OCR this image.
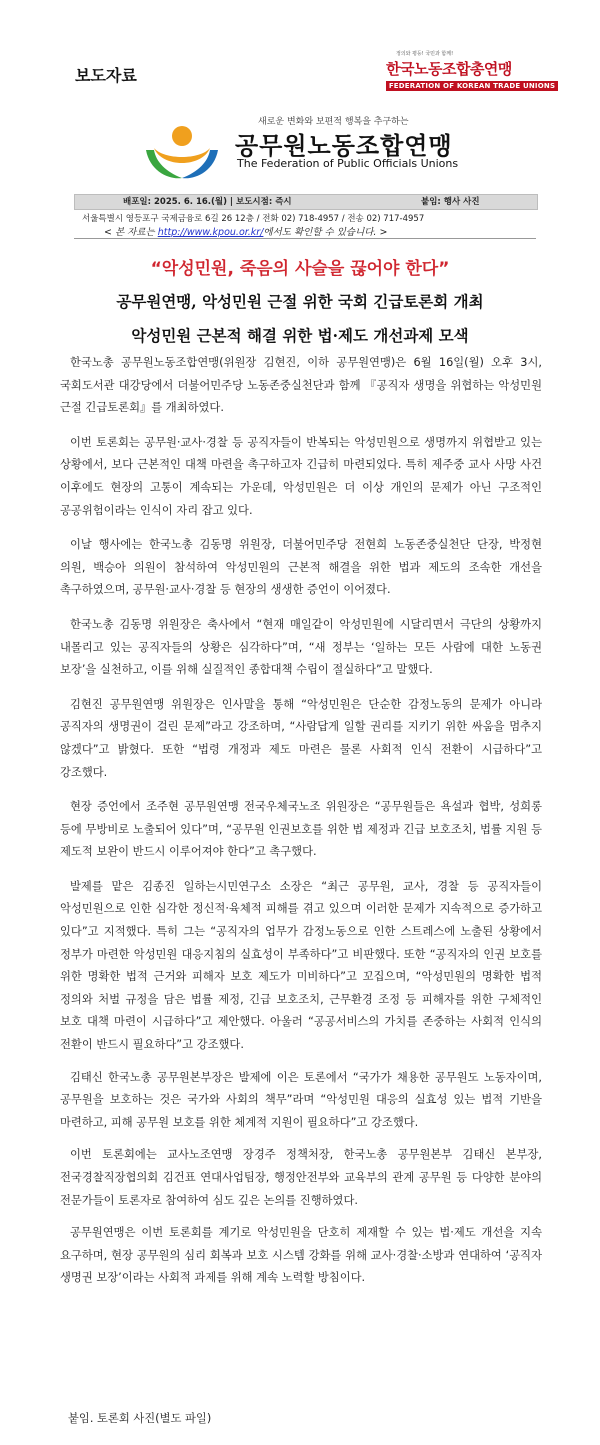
보도자료
정의와 평등! 국민과 함께!
한국노동조합총연맹
FEDERATION OF KOREAN TRADE UNIONS
새로운 변화와 보편적 행복을 추구하는
공무원노동조합연맹
The Federation of Public Officials Unions
배포일: 2025. 6. 16.(월) | 보도시점: 즉시	붙임: 행사 사진
서울특별시 영등포구 국제금융로 6길 26 12층 / 전화 02) 718-4957 / 전송 02) 717-4957
< 본 자료는 http://www.kpou.or.kr/에서도 확인할 수 있습니다. >
“악성민원, 죽음의 사슬을 끊어야 한다”
공무원연맹, 악성민원 근절 위한 국회 긴급토론회 개최
악성민원 근본적 해결 위한 법·제도 개선과제 모색

한국노총 공무원노동조합연맹(위원장 김현진, 이하 공무원연맹)은 6월 16일(월) 오후 3시, 국회도서관 대강당에서 더불어민주당 노동존중실천단과 함께 『공직자 생명을 위협하는 악성민원 근절 긴급토론회』를 개최하였다.

이번 토론회는 공무원·교사·경찰 등 공직자들이 반복되는 악성민원으로 생명까지 위협받고 있는 상황에서, 보다 근본적인 대책 마련을 촉구하고자 긴급히 마련되었다. 특히 제주중 교사 사망 사건 이후에도 현장의 고통이 계속되는 가운데, 악성민원은 더 이상 개인의 문제가 아닌 구조적인 공공위험이라는 인식이 자리 잡고 있다.

이날 행사에는 한국노총 김동명 위원장, 더불어민주당 전현희 노동존중실천단 단장, 박정현 의원, 백승아 의원이 참석하여 악성민원의 근본적 해결을 위한 법과 제도의 조속한 개선을 촉구하였으며, 공무원·교사·경찰 등 현장의 생생한 증언이 이어졌다.

한국노총 김동명 위원장은 축사에서 “현재 매일같이 악성민원에 시달리면서 극단의 상황까지 내몰리고 있는 공직자들의 상황은 심각하다”며, “새 정부는 ‘일하는 모든 사람에 대한 노동권 보장’을 실천하고, 이를 위해 실질적인 종합대책 수립이 절실하다”고 말했다.

김현진 공무원연맹 위원장은 인사말을 통해 “악성민원은 단순한 감정노동의 문제가 아니라 공직자의 생명권이 걸린 문제”라고 강조하며, “사람답게 일할 권리를 지키기 위한 싸움을 멈추지 않겠다”고 밝혔다. 또한 “법령 개정과 제도 마련은 물론 사회적 인식 전환이 시급하다”고 강조했다.

현장 증언에서 조주현 공무원연맹 전국우체국노조 위원장은 “공무원들은 욕설과 협박, 성희롱 등에 무방비로 노출되어 있다”며, “공무원 인권보호를 위한 법 제정과 긴급 보호조치, 법률 지원 등 제도적 보완이 반드시 이루어져야 한다”고 촉구했다.

발제를 맡은 김종진 일하는시민연구소 소장은 “최근 공무원, 교사, 경찰 등 공직자들이 악성민원으로 인한 심각한 정신적·육체적 피해를 겪고 있으며 이러한 문제가 지속적으로 증가하고 있다”고 지적했다. 특히 그는 “공직자의 업무가 감정노동으로 인한 스트레스에 노출된 상황에서 정부가 마련한 악성민원 대응지침의 실효성이 부족하다”고 비판했다. 또한 “공직자의 인권 보호를 위한 명확한 법적 근거와 피해자 보호 제도가 미비하다”고 꼬집으며, “악성민원의 명확한 법적 정의와 처벌 규정을 담은 법률 제정, 긴급 보호조치, 근무환경 조정 등 피해자를 위한 구체적인 보호 대책 마련이 시급하다”고 제안했다. 아울러 “공공서비스의 가치를 존중하는 사회적 인식의 전환이 반드시 필요하다”고 강조했다.

김태신 한국노총 공무원본부장은 발제에 이은 토론에서 “국가가 채용한 공무원도 노동자이며, 공무원을 보호하는 것은 국가와 사회의 책무”라며 “악성민원 대응의 실효성 있는 법적 기반을 마련하고, 피해 공무원 보호를 위한 체계적 지원이 필요하다”고 강조했다.

이번 토론회에는 교사노조연맹 장경주 정책처장, 한국노총 공무원본부 김태신 본부장, 전국경찰직장협의회 김건표 연대사업팀장, 행정안전부와 교육부의 관계 공무원 등 다양한 분야의 전문가들이 토론자로 참여하여 심도 깊은 논의를 진행하였다.

공무원연맹은 이번 토론회를 계기로 악성민원을 단호히 제재할 수 있는 법·제도 개선을 지속 요구하며, 현장 공무원의 심리 회복과 보호 시스템 강화를 위해 교사·경찰·소방과 연대하여 ‘공직자 생명권 보장’이라는 사회적 과제를 위해 계속 노력할 방침이다.

붙임. 토론회 사진(별도 파일)
